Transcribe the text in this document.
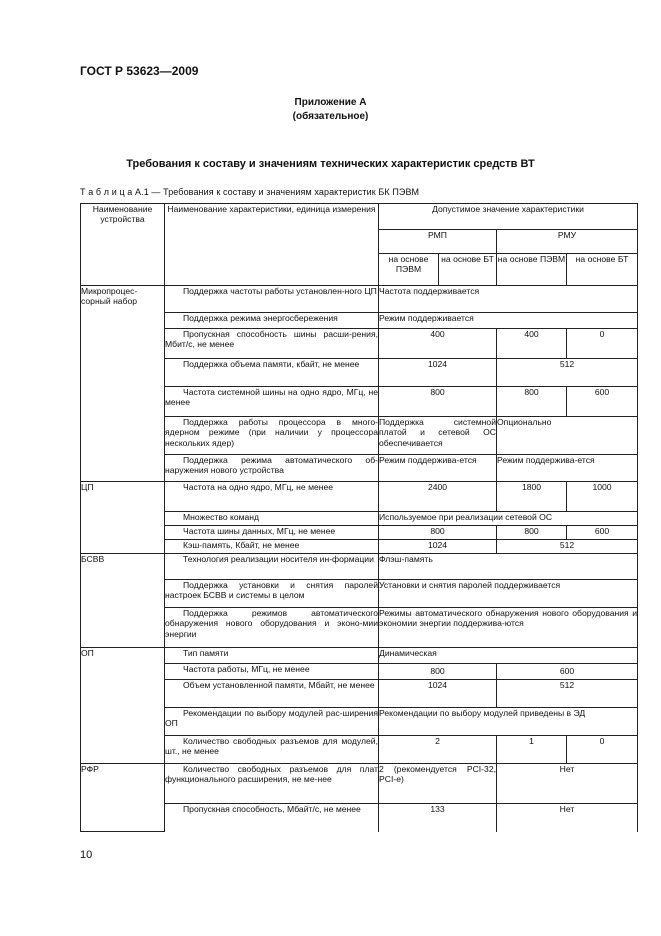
ГОСТ Р 53623—2009
Приложение А
(обязательное)
Требования к составу и значениям технических характеристик средств ВТ
Т а б л и ц а А.1 — Требования к составу и значениям характеристик БК ПЭВМ
Наименование устройства	Наименование характеристики, единица измерения	Допустимое значение характеристики			
		РМП		РМУ	
		на основе ПЭВМ	на основе БТ	на основе ПЭВМ	на основе БТ
Микропроцес-сорный набор	Поддержка частоты работы установлен-ного ЦП	Частота поддерживается			
	Поддержка режима энергосбережения	Режим поддерживается			
	Пропускная способность шины расши-рения, Мбит/с, не менее	400		400	0
	Поддержка объема памяти, кбайт, не менее	1024		512	
	Частота системной шины на одно ядро, МГц, не менее	800		800	600
	Поддержка работы процессора в много-ядерном режиме (при наличии у процессора нескольких ядер)	Поддержка системной платой и сетевой ОС обеспечивается		Опционально	
	Поддержка режима автоматического об-наружения нового устройства	Режим поддержива-ется		Режим поддержива-ется	
ЦП	Частота на одно ядро, МГц, не менее	2400		1800	1000
	Множество команд	Используемое при реализации сетевой ОС			
	Частота шины данных, МГц, не менее	800		800	600
	Кэш-память, Кбайт, не менее	1024		512	
БСВВ	Технология реализации носителя ин-формации	Флэш-память			
	Поддержка установки и снятия паролей настроек БСВВ и системы в целом	Установки и снятия паролей поддерживается			
	Поддержка режимов автоматического обнаружения нового оборудования и эконо-мии энергии	Режимы автоматического обнаружения нового оборудования и экономии энергии поддержива-ются			
ОП	Тип памяти	Динамическая			
	Частота работы, МГц, не менее	800		600	
	Объем установленной памяти, Мбайт, не менее	1024		512	
	Рекомендации по выбору модулей рас-ширения ОП	Рекомендации по выбору модулей приведены в ЭД			
	Количество свободных разъемов для модулей, шт., не менее	2		1	0
РФР	Количество свободных разъемов для плат функционального расширения, не ме-нее	2 (рекомендуется PCI-32, PCI-e)		Нет	
	Пропускная способность, Мбайт/с, не менее	133		Нет	
10
